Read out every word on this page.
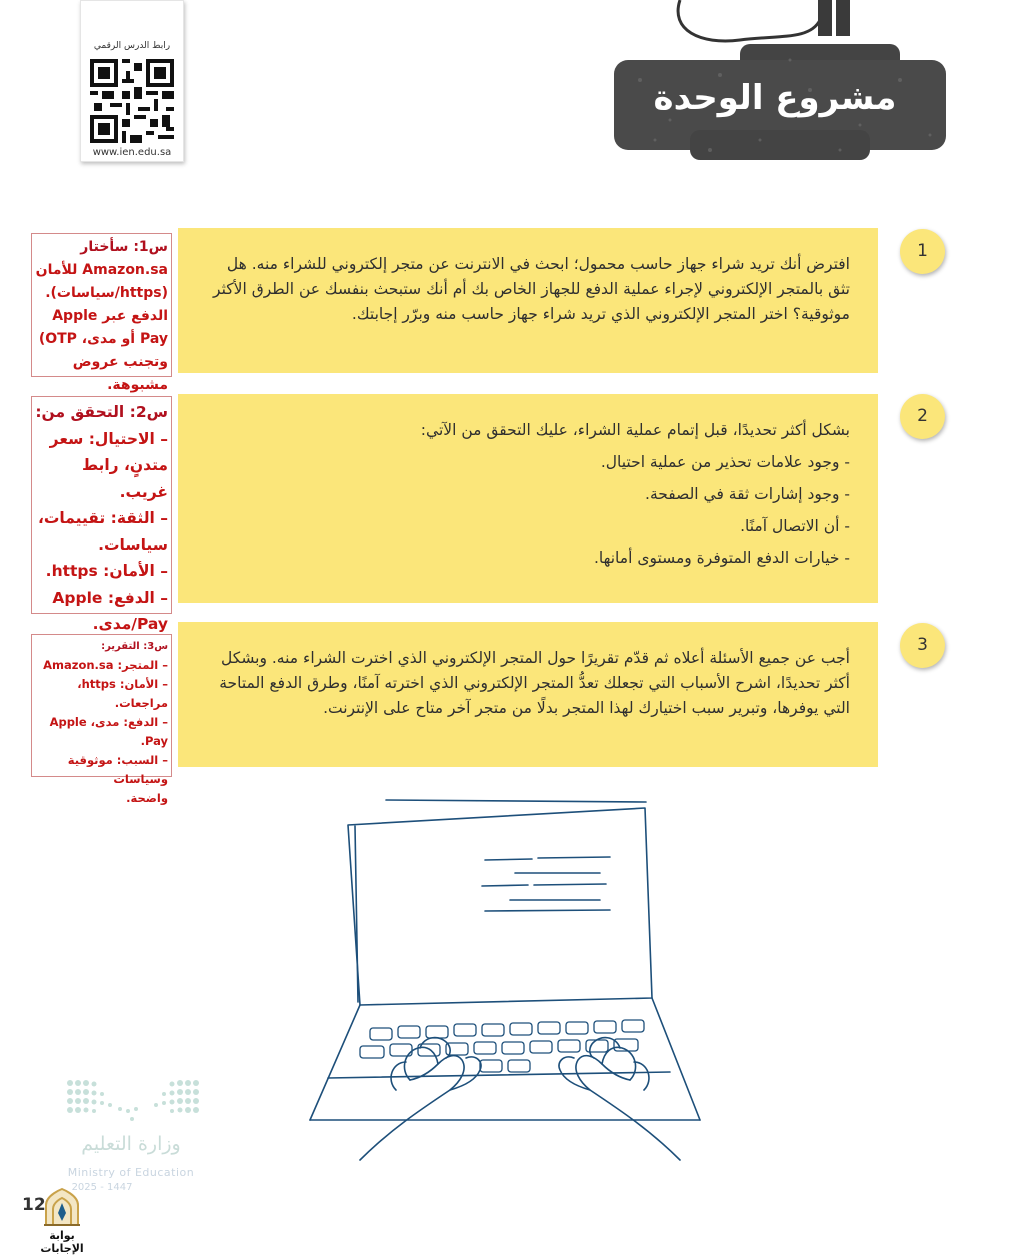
رابط الدرس الرقمي
www.ien.edu.sa
مشروع الوحدة
افترض أنك تريد شراء جهاز حاسب محمول؛ ابحث في الانترنت عن متجر إلكتروني للشراء منه. هل تثق بالمتجر الإلكتروني لإجراء عملية الدفع للجهاز الخاص بك أم أنك ستبحث بنفسك عن الطرق الأكثر موثوقية؟ اختر المتجر الإلكتروني الذي تريد شراء جهاز حاسب منه وبرّر إجابتك.
1
بشكل أكثر تحديدًا، قبل إتمام عملية الشراء، عليك التحقق من الآتي:
- وجود علامات تحذير من عملية احتيال.
- وجود إشارات ثقة في الصفحة.
- أن الاتصال آمنًا.
- خيارات الدفع المتوفرة ومستوى أمانها.
2
أجب عن جميع الأسئلة أعلاه ثم قدّم تقريرًا حول المتجر الإلكتروني الذي اخترت الشراء منه. وبشكل أكثر تحديدًا، اشرح الأسباب التي تجعلك تعدُّ المتجر الإلكتروني الذي اخترته آمنًا، وطرق الدفع المتاحة التي يوفرها، وتبرير سبب اختيارك لهذا المتجر بدلًا من متجر آخر متاح على الإنترنت.
3
س1: سأختار
Amazon.sa للأمان
(https/سياسات).
الدفع عبر Apple
Pay أو مدى، OTP)
وتجنب عروض مشبوهة.
س2: التحقق من:
– الاحتيال: سعر
متدنٍ، رابط غريب.
– الثقة: تقييمات،
سياسات.
– الأمان: https.
– الدفع: Apple
Pay/مدى.
س3: التقرير:
– المتجر: Amazon.sa
– الأمان: https، مراجعات.
– الدفع: مدى، Apple
Pay.
– السبب: موثوقية وسياسات
واضحة.
وزارة التعليم
Ministry of Education
2025 - 1447
12
بوابة الإجابات
